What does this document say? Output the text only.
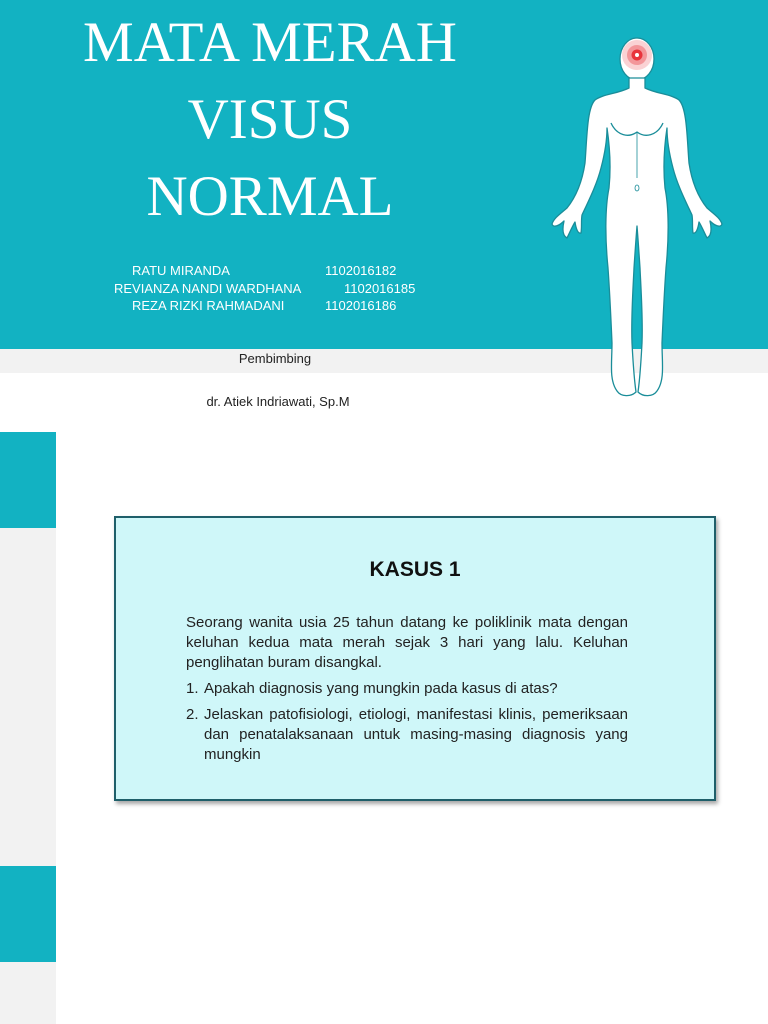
MATA MERAH
VISUS
NORMAL
RATU MIRANDA	1102016182
REVIANZA NANDI WARDHANA	1102016185
REZA RIZKI RAHMADANI	1102016186
Pembimbing
dr. Atiek Indriawati, Sp.M
KASUS 1

Seorang wanita usia 25 tahun datang ke poliklinik mata dengan keluhan kedua mata merah sejak 3 hari yang lalu. Keluhan penglihatan buram disangkal.

1. Apakah diagnosis yang mungkin pada kasus di atas?
2. Jelaskan patofisiologi, etiologi, manifestasi klinis, pemeriksaan dan penatalaksanaan untuk masing-masing diagnosis yang mungkin
